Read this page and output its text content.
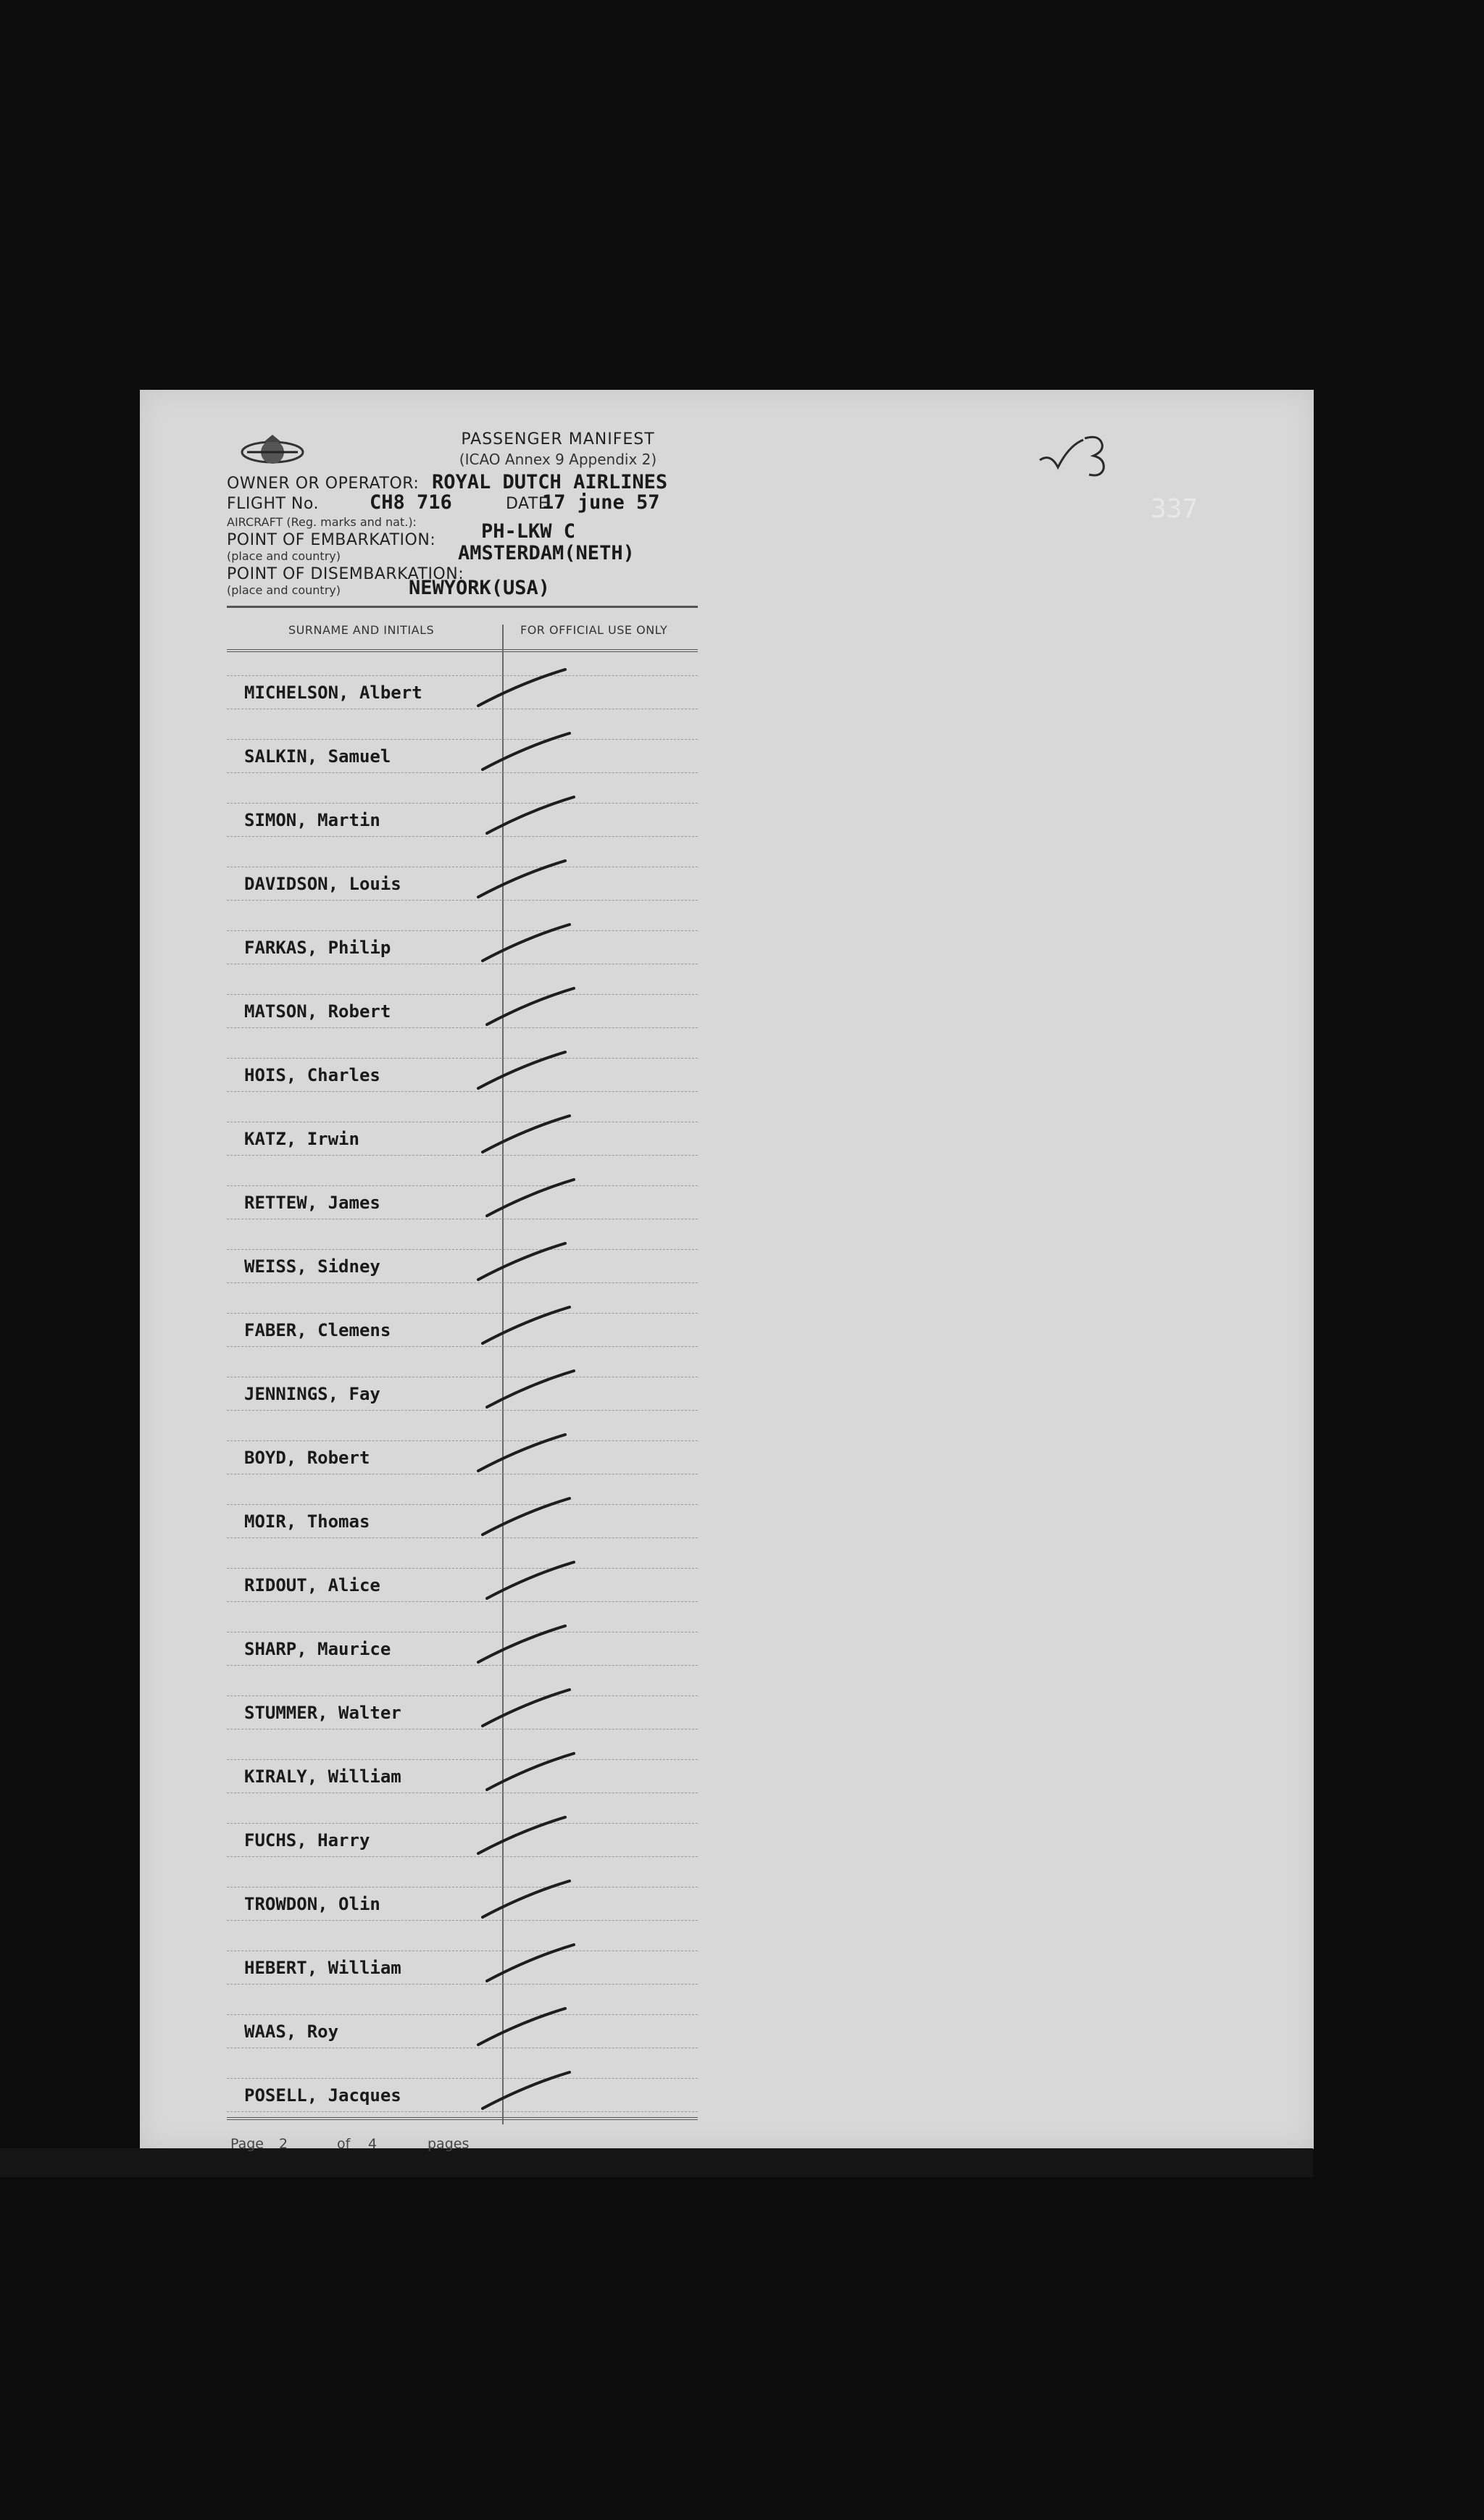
PASSENGER MANIFEST
(ICAO Annex 9 Appendix 2)
OWNER OR OPERATOR: ROYAL DUTCH AIRLINES
FLIGHT No.	CH8 716	DATE
17 june 57
AIRCRAFT (Reg. marks and nat.):	PH-LKW C
POINT OF EMBARKATION:
(place and country)	AMSTERDAM(NETH)
POINT OF DISEMBARKATION:
(place and country)	NEWYORK(USA)
337
SURNAME AND INITIALS	FOR OFFICIAL USE ONLY
MICHELSON, Albert
SALKIN, Samuel
SIMON, Martin
DAVIDSON, Louis
FARKAS, Philip
MATSON, Robert
HOIS, Charles
KATZ, Irwin
RETTEW, James
WEISS, Sidney
FABER, Clemens
JENNINGS, Fay
BOYD, Robert
MOIR, Thomas
RIDOUT, Alice
SHARP, Maurice
STUMMER, Walter
KIRALY, William
FUCHS, Harry
TROWDON, Olin
HEBERT, William
WAAS, Roy
POSELL, Jacques
Page 2	of 4	pages
